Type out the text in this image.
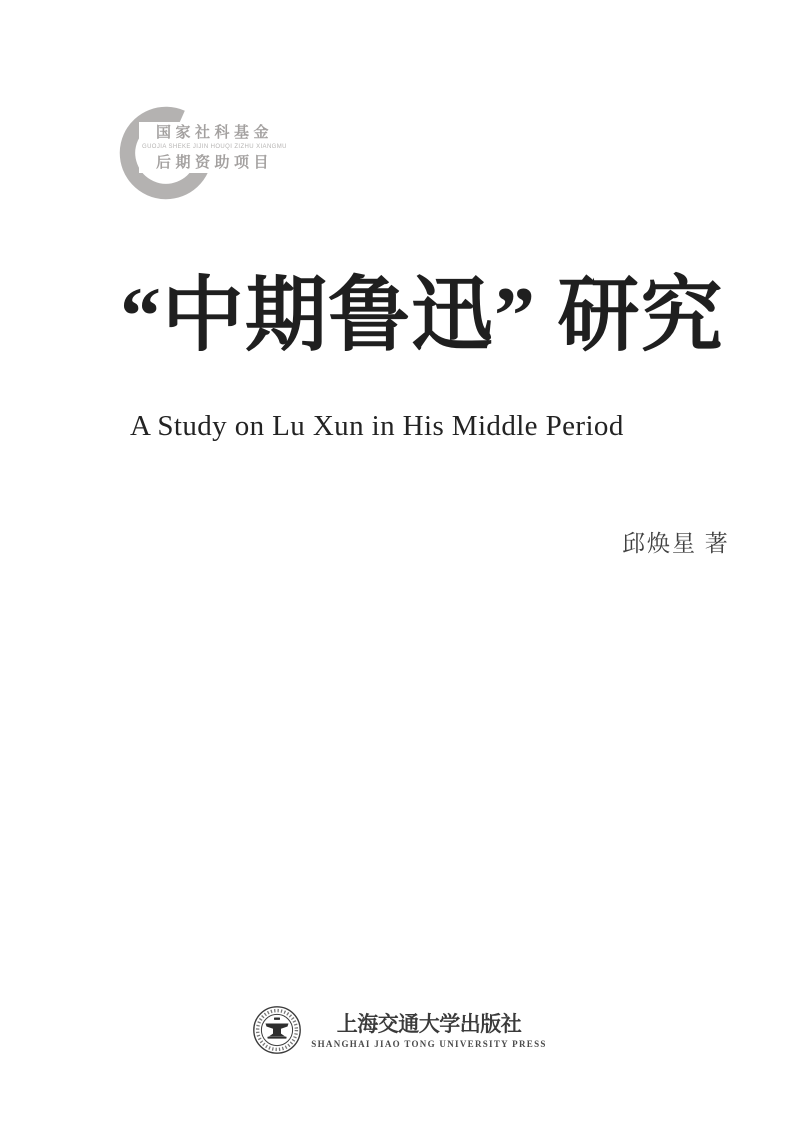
国家社科基金
GUOJIA SHEKE JIJIN HOUQI ZIZHU XIANGMU
后期资助项目
“中期鲁迅” 研究
A Study on Lu Xun in His Middle Period
邱焕星 著
上海交通大学出版社
SHANGHAI JIAO TONG UNIVERSITY PRESS
